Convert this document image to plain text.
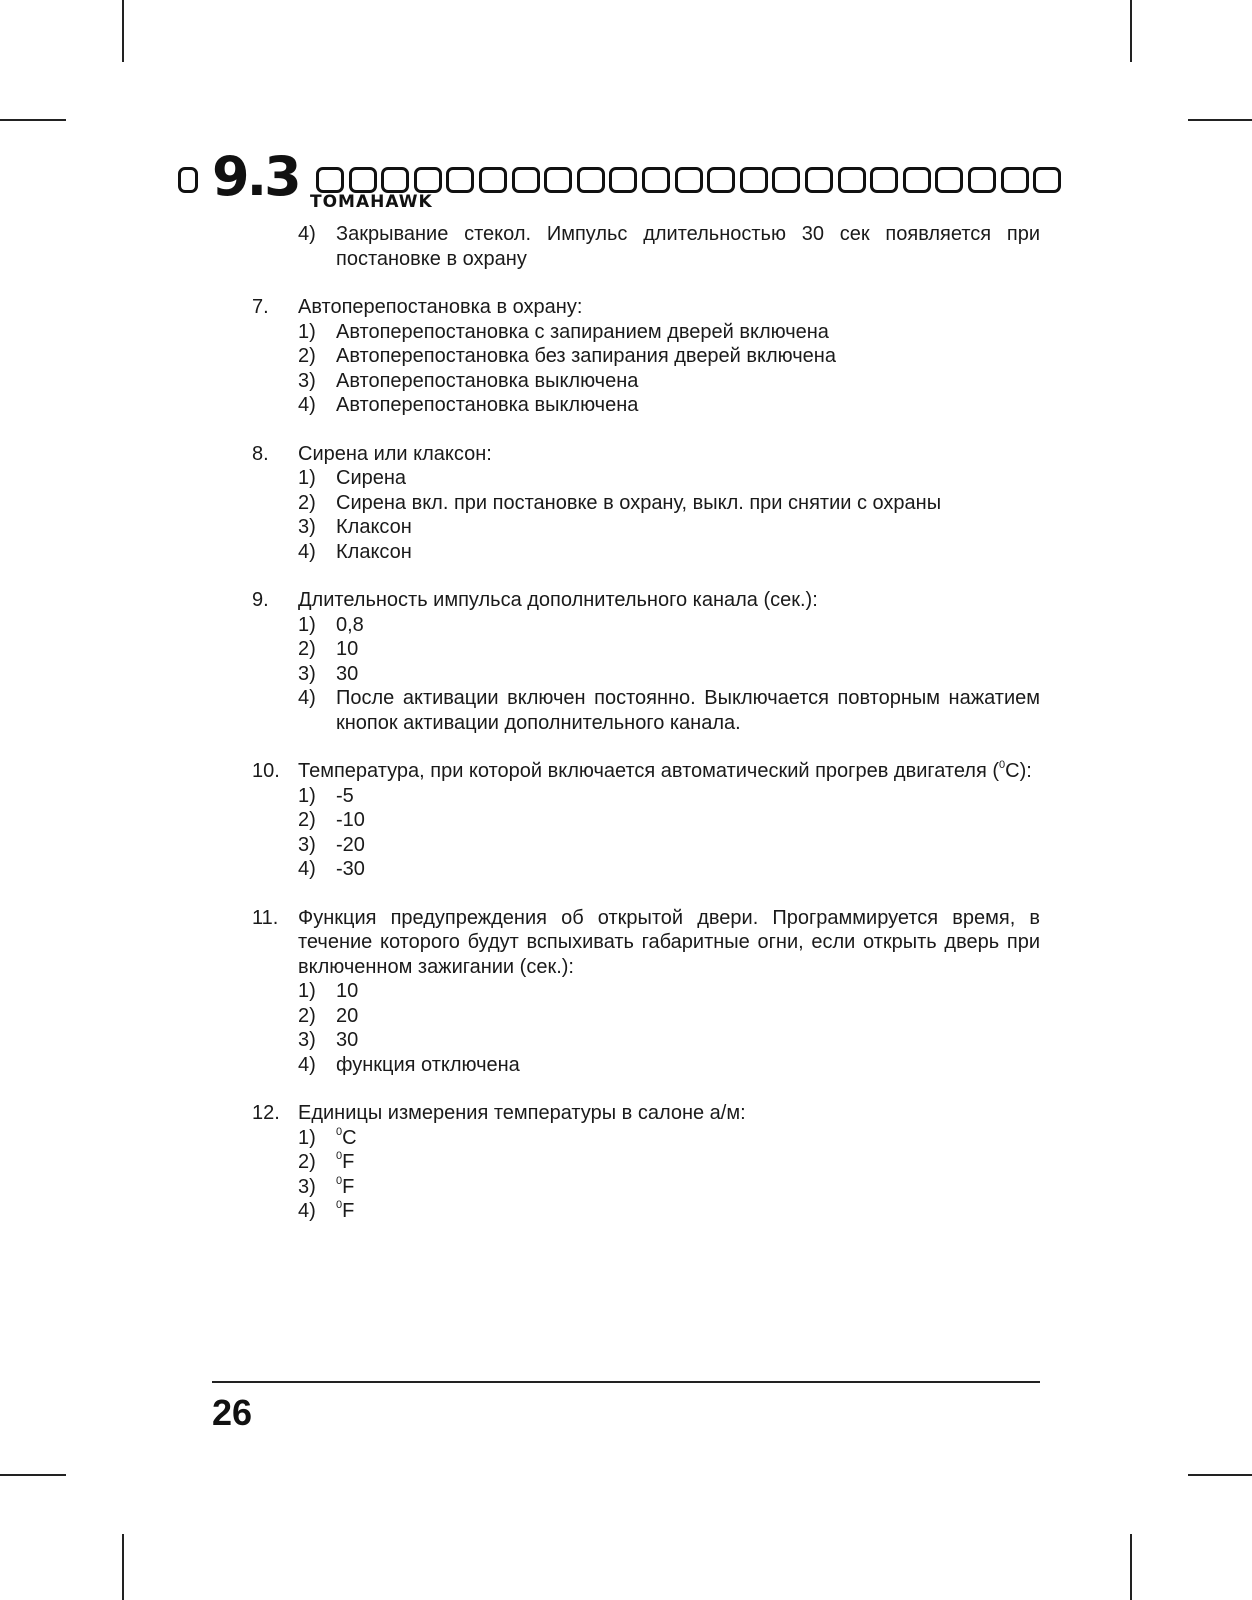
9.3 TOMAHAWK
4)	Закрывание стекол. Импульс длительностью 30 сек появляется при постановке в охрану
7.	Автоперепостановка в охрану:
1)	Автоперепостановка с запиранием дверей включена
2)	Автоперепостановка без запирания дверей включена
3)	Автоперепостановка выключена
4)	Автоперепостановка выключена
8.	Сирена или клаксон:
1)	Сирена
2)	Сирена вкл. при постановке в охрану, выкл. при снятии с охраны
3)	Клаксон
4)	Клаксон
9.	Длительность импульса дополнительного канала (сек.):
1)	0,8
2)	10
3)	30
4)	После активации включен постоянно. Выключается повторным нажатием кнопок активации дополнительного канала.
10. Температура, при которой включается автоматический прогрев двигателя ($^0$C):
1)	-5
2)	-10
3)	-20
4)	-30
11. Функция предупреждения об открытой двери. Программируется время, в течение которого будут вспыхивать габаритные огни, если открыть дверь при включенном зажигании (сек.):
1)	10
2)	20
3)	30
4)	функция отключена
12. Единицы измерения температуры в салоне а/м:
1)	$^0$C
2)	$^0$F
3)	$^0$F
4)	$^0$F
26
